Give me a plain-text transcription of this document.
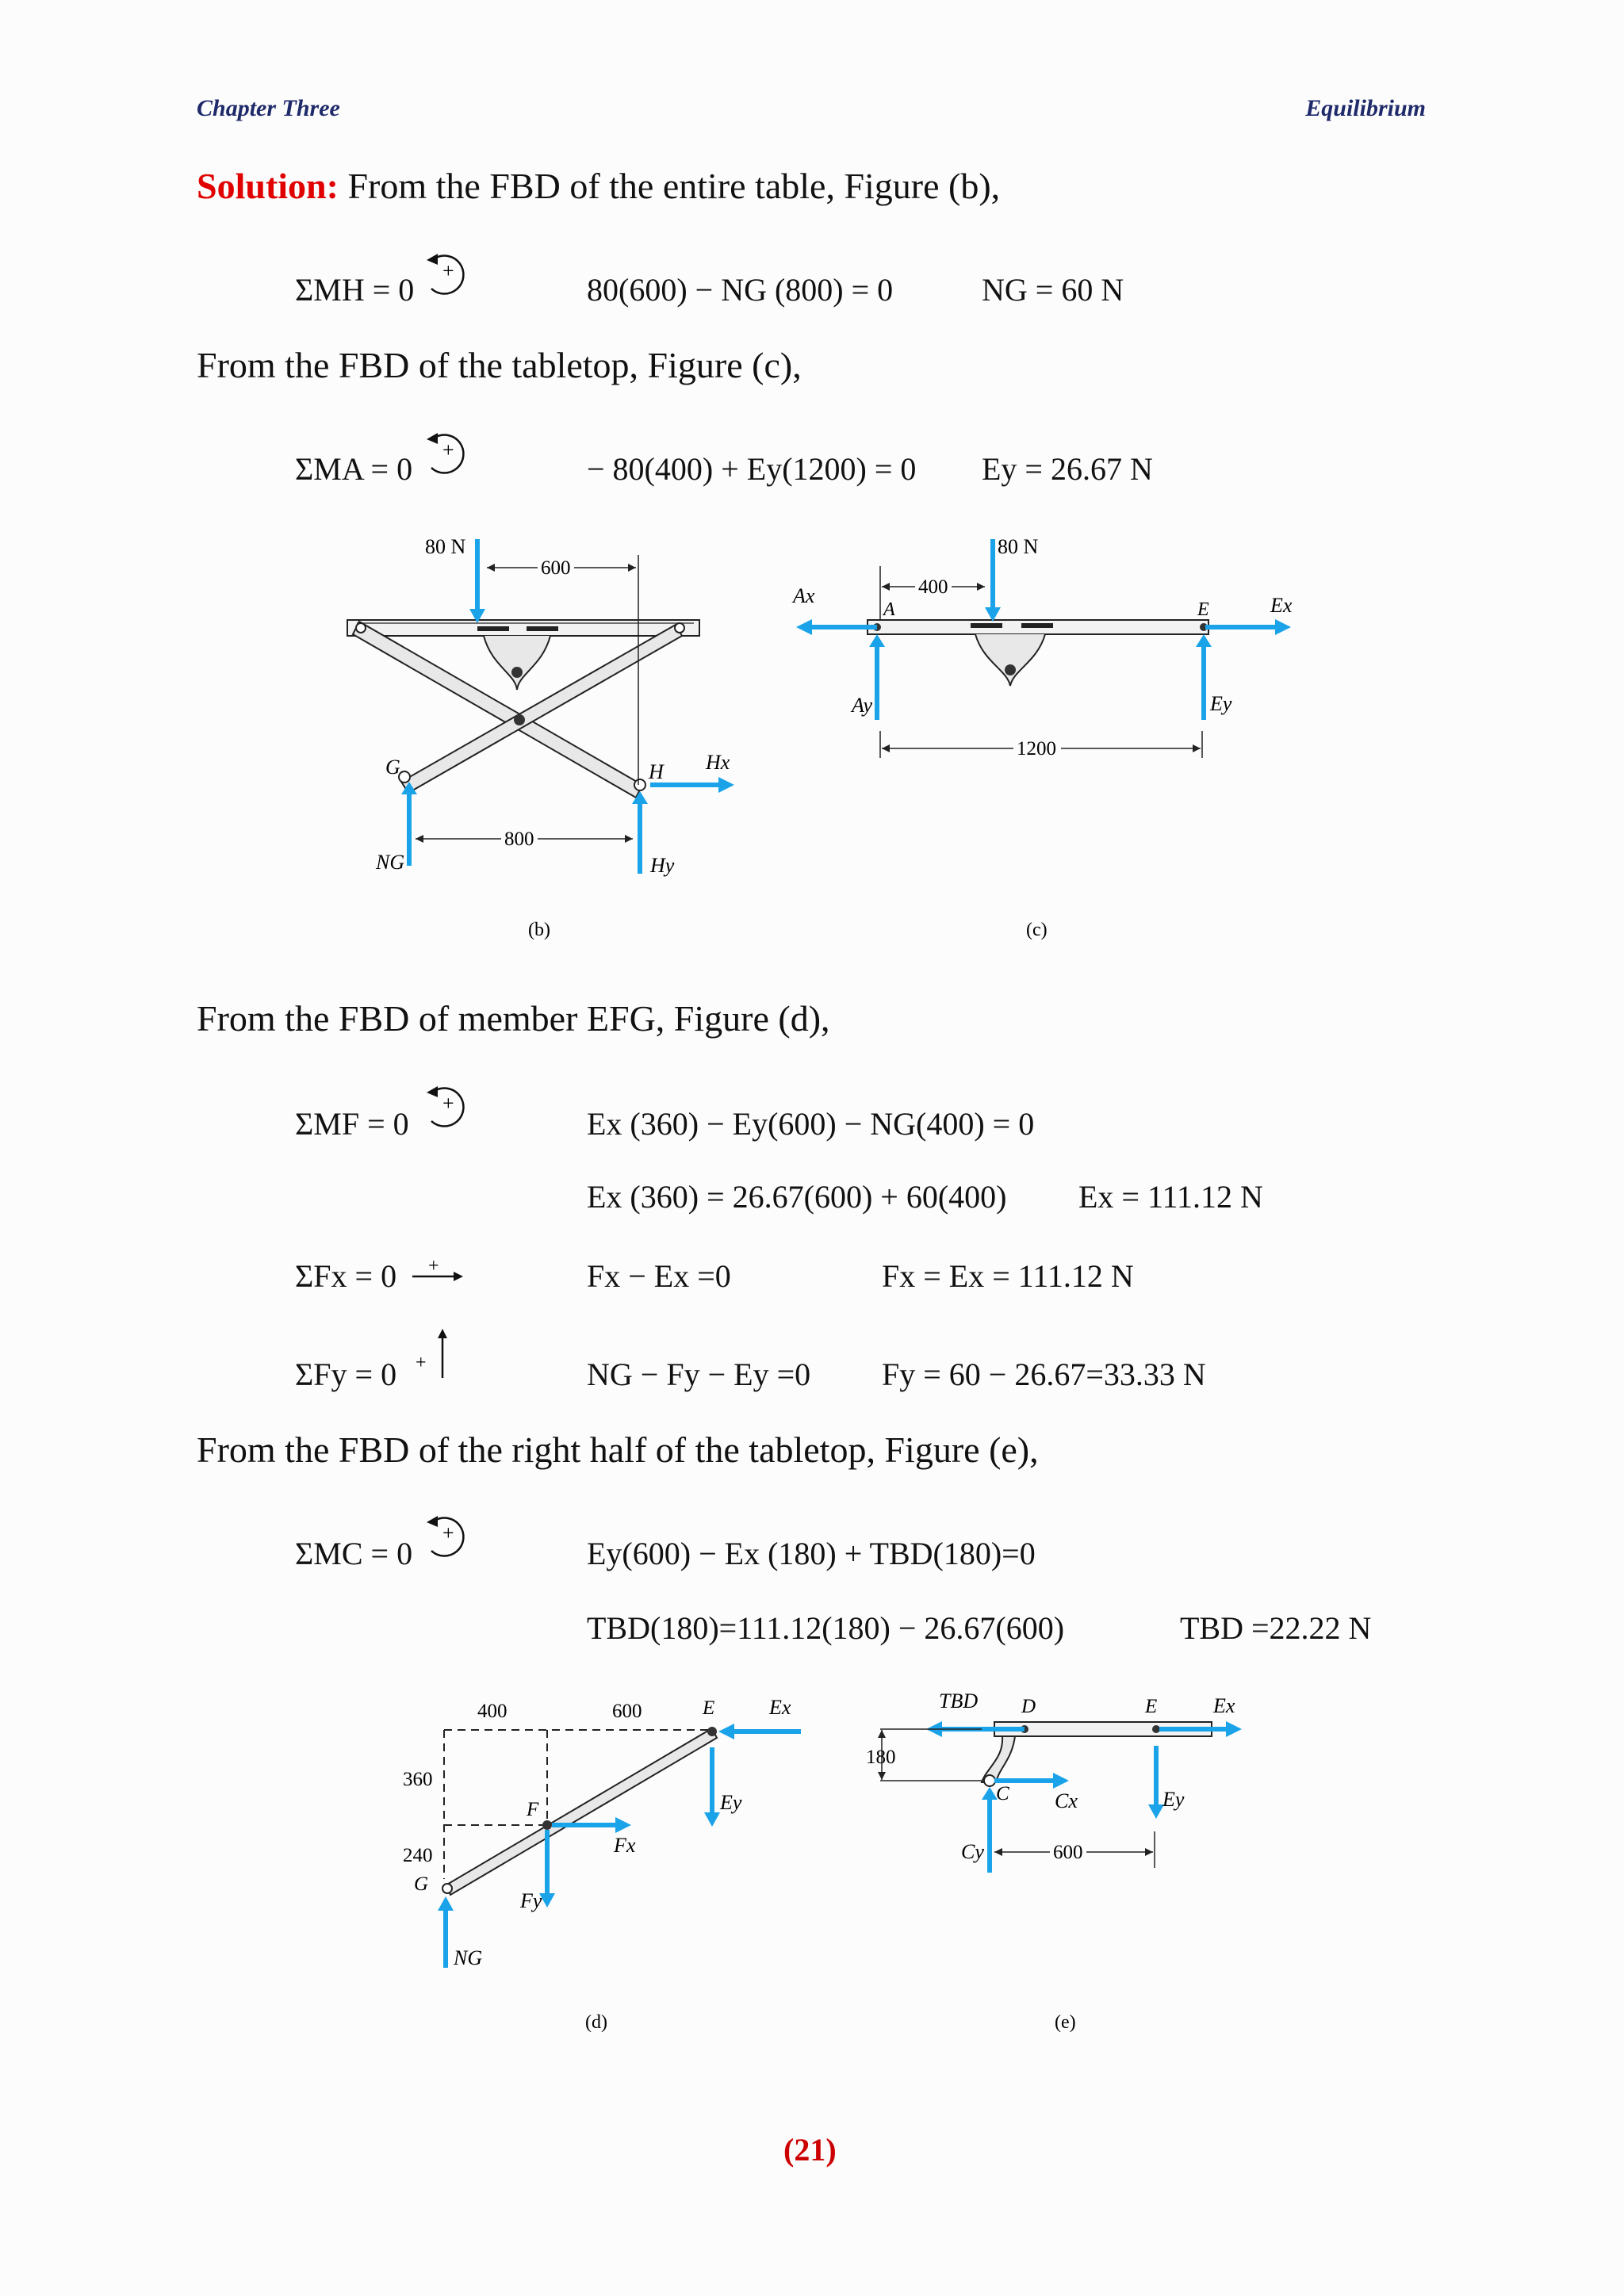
Chapter Three	Equilibrium
Solution: From the FBD of the entire table, Figure (b),
ΣMH = 0
+
80(600) − NG (800) = 0	NG = 60 N
From the FBD of the tabletop, Figure (c),
ΣMA = 0
+
− 80(400) + Ey(1200) = 0 Ey = 26.67 N
80 N
600
G
NG
H Hx
Hy
800
(b)
80 N
400
A
Ax
Ay
E	Ex
Ey
1200
(c)
From the FBD of member EFG, Figure (d),
ΣMF = 0
+
Ex (360) − Ey(600) − NG(400) = 0
Ex (360) = 26.67(600) + 60(400) Ex = 111.12 N
ΣFx = 0 +	Fx − Ex =0	Fx = Ex = 111.12 N
ΣFy = 0 +	NG − Fy − Ey =0 Fy = 60 − 26.67=33.33 N
From the FBD of the right half of the tabletop, Figure (e),
ΣMC = 0
+
Ey(600) − Ex (180) + TBD(180)=0
TBD(180)=111.12(180) − 26.67(600)	TBD =22.22 N
400	600
360
240
G
F
E	Ex
Ey
Fx
Fy
NG
(d)
TBD D	E	Ex
Ey
180
C Cx
Cy	600
(e)
(21)
